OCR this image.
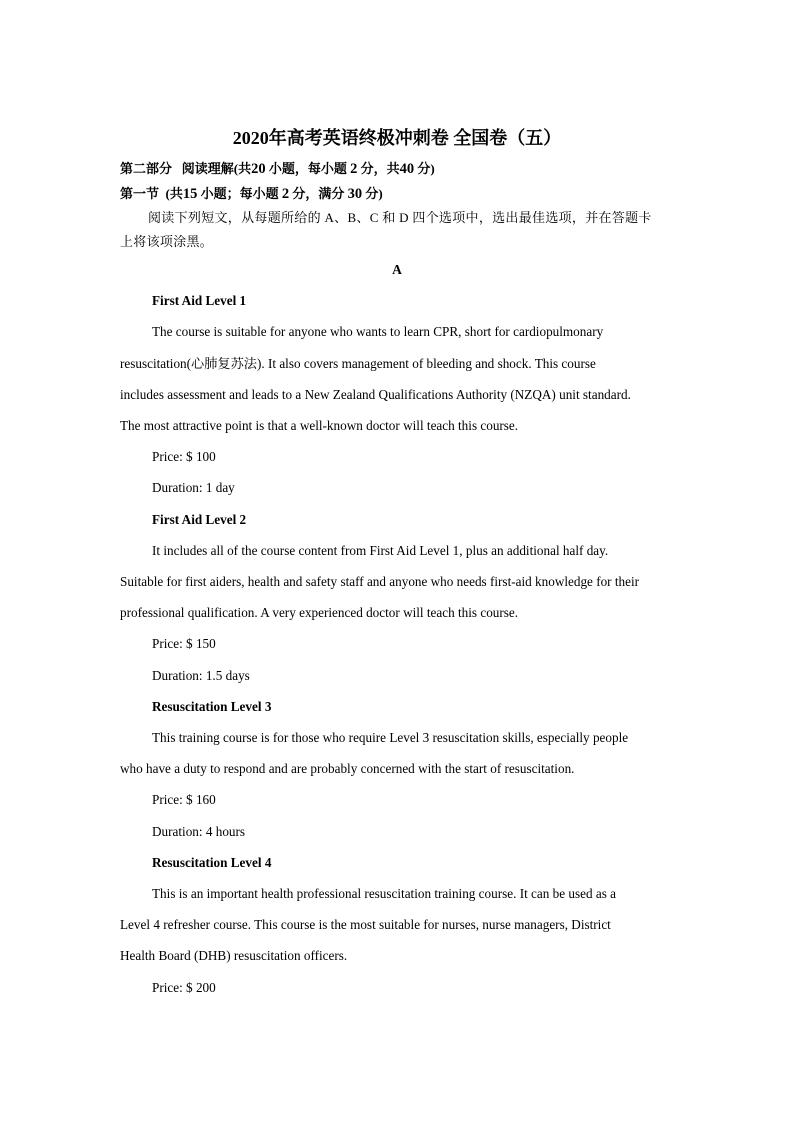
2020年高考英语终极冲刺卷 全国卷（五）
第二部分 阅读理解(共20 小题，每小题 2 分，共40 分)
第一节 (共15 小题；每小题 2 分，满分 30 分)
阅读下列短文，从每题所给的 A、B、C 和 D 四个选项中，选出最佳选项，并在答题卡
上将该项涂黑。
A
First Aid Level 1
The course is suitable for anyone who wants to learn CPR, short for cardiopulmonary
resuscitation(心肺复苏法). It also covers management of bleeding and shock. This course
includes assessment and leads to a New Zealand Qualifications Authority (NZQA) unit standard.
The most attractive point is that a well-known doctor will teach this course.
Price: $ 100
Duration: 1 day
First Aid Level 2
It includes all of the course content from First Aid Level 1, plus an additional half day.
Suitable for first aiders, health and safety staff and anyone who needs first-aid knowledge for their
professional qualification. A very experienced doctor will teach this course.
Price: $ 150
Duration: 1.5 days
Resuscitation Level 3
This training course is for those who require Level 3 resuscitation skills, especially people
who have a duty to respond and are probably concerned with the start of resuscitation.
Price: $ 160
Duration: 4 hours
Resuscitation Level 4
This is an important health professional resuscitation training course. It can be used as a
Level 4 refresher course. This course is the most suitable for nurses, nurse managers, District
Health Board (DHB) resuscitation officers.
Price: $ 200
